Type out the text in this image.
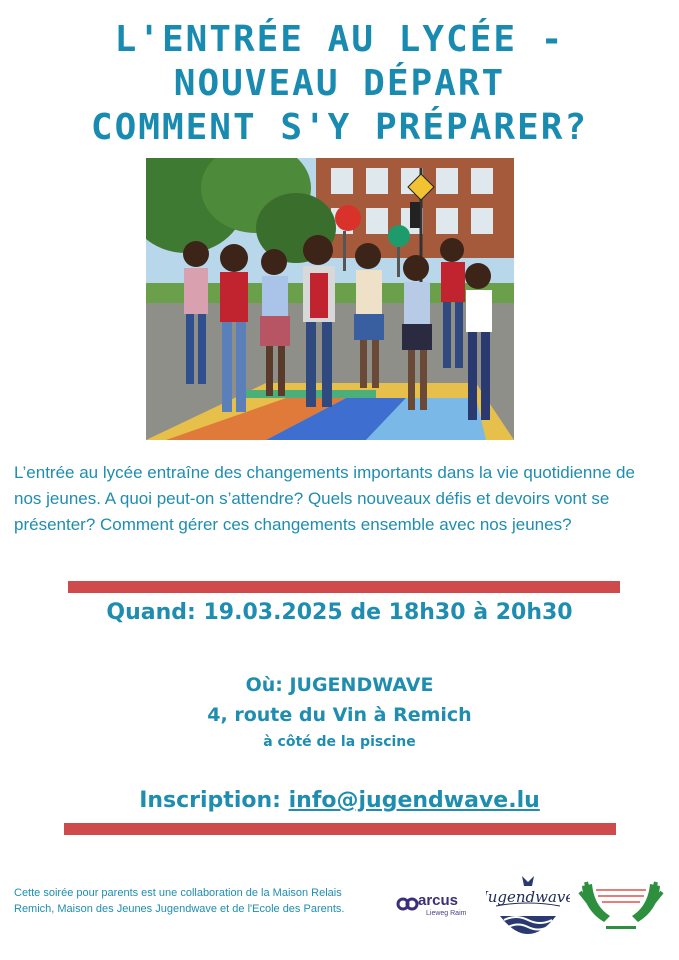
L'ENTRÉE AU LYCÉE -
NOUVEAU DÉPART
COMMENT S'Y PRÉPARER?
L’entrée au lycée entraîne des changements importants dans la vie quotidienne de nos jeunes. A quoi peut-on s’attendre? Quels nouveaux défis et devoirs vont se présenter? Comment gérer ces changements ensemble avec nos jeunes?
Quand: 19.03.2025 de 18h30 à 20h30
Où: JUGENDWAVE
4, route du Vin à Remich
à côté de la piscine
Inscription: info@jugendwave.lu
Cette soirée pour parents est une collaboration de la Maison Relais Remich, Maison des Jeunes Jugendwave et de l'Ecole des Parents.	arcus
Lieweg Raim
Jugendwave
